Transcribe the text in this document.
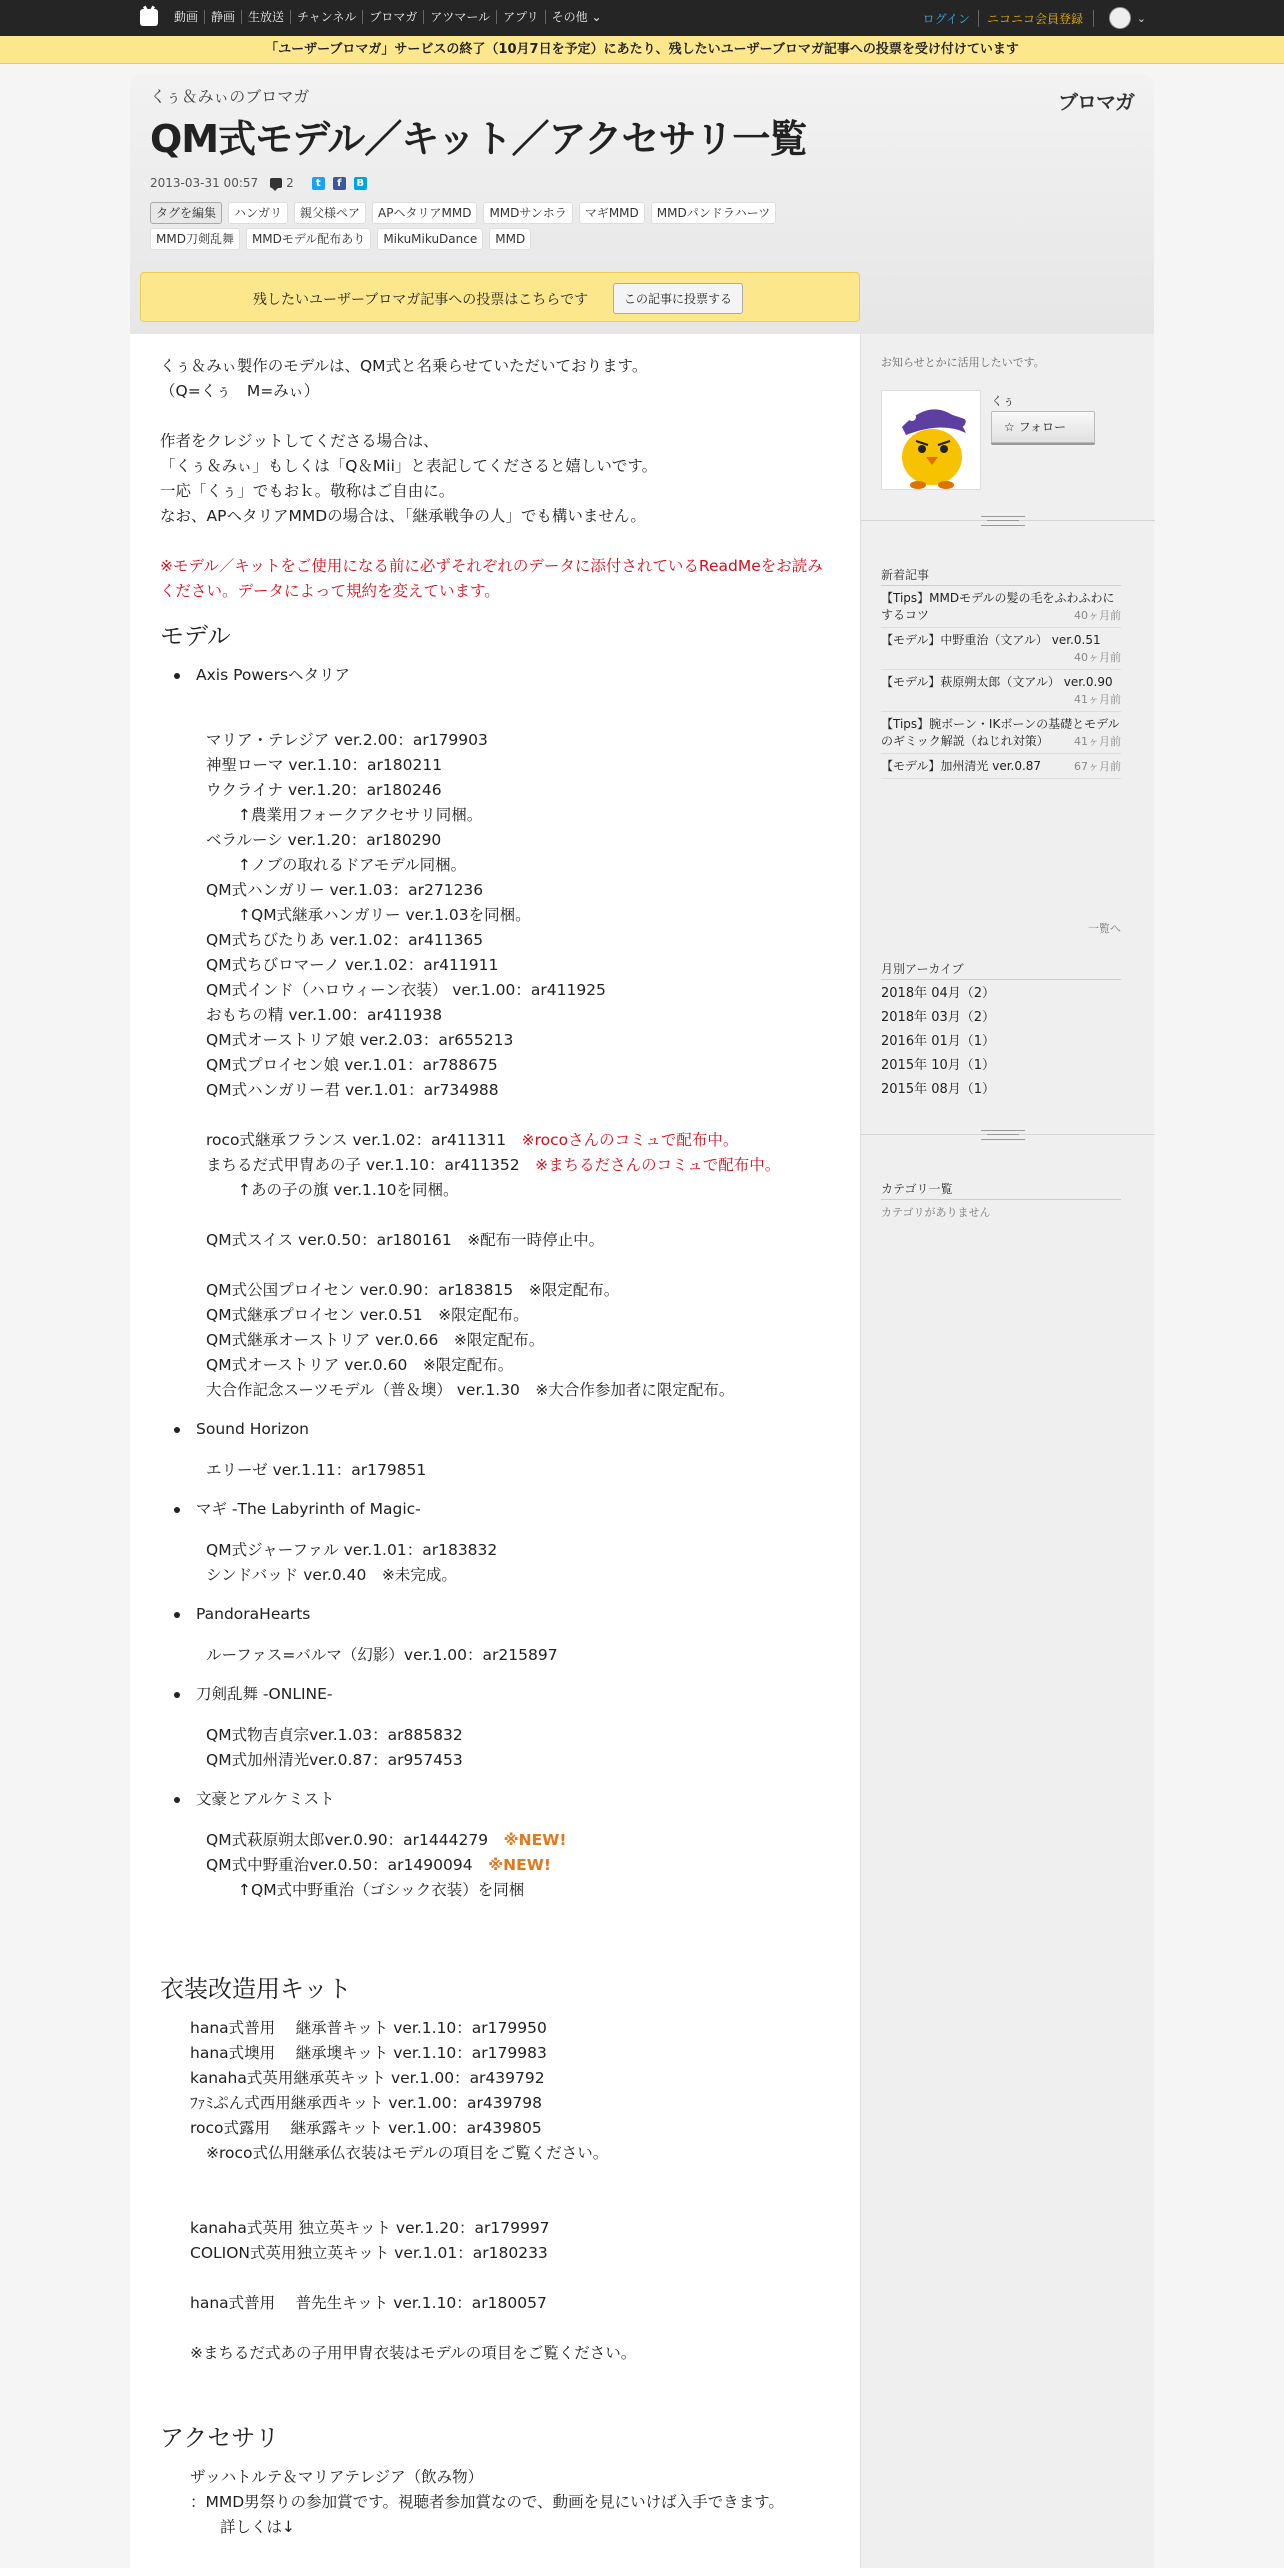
動画	静画	生放送	チャンネル	ブロマガ	アツマール	アプリ	その他 ⌄	ログイン	ニコニコ会員登録	⌄
「ユーザーブロマガ」サービスの終了（10月7日を予定）にあたり、残したいユーザーブロマガ記事への投票を受け付けています
くぅ＆みぃのブロマガ	ブロマガ
QM式モデル／キット／アクセサリ一覧
2013-03-31 00:57 2	t	f	B
タグを編集	ハンガリ	親父様ペア	APヘタリアMMD	MMDサンホラ	マギMMD	MMDパンドラハーツ
MMD刀剣乱舞	MMDモデル配布あり	MikuMikuDance	MMD
残したいユーザーブロマガ記事への投票はこちらです	この記事に投票する
くぅ＆みぃ製作のモデルは、QM式と名乗らせていただいております。
（Q=くぅ　M=みぃ）
作者をクレジットしてくださる場合は、
「くぅ＆みぃ」もしくは「Q＆Mii」と表記してくださると嬉しいです。
一応「くぅ」でもおｋ。敬称はご自由に。
なお、APヘタリアMMDの場合は、「継承戦争の人」でも構いません。
※モデル／キットをご使用になる前に必ずそれぞれのデータに添付されているReadMeをお読みください。データによって規約を変えています。
モデル
Axis Powersヘタリア
マリア・テレジア ver.2.00：ar179903
神聖ローマ ver.1.10：ar180211
ウクライナ ver.1.20：ar180246
↑農業用フォークアクセサリ同梱。
ベラルーシ ver.1.20：ar180290
↑ノブの取れるドアモデル同梱。
QM式ハンガリー ver.1.03：ar271236
↑QM式継承ハンガリー ver.1.03を同梱。
QM式ちびたりあ ver.1.02：ar411365
QM式ちびロマーノ ver.1.02：ar411911
QM式インド（ハロウィーン衣装） ver.1.00：ar411925
おもちの精 ver.1.00：ar411938
QM式オーストリア娘 ver.2.03：ar655213
QM式プロイセン娘 ver.1.01：ar788675
QM式ハンガリー君 ver.1.01：ar734988
roco式継承フランス ver.1.02：ar411311　 ※rocoさんのコミュで配布中。
まちるだ式甲冑あの子 ver.1.10：ar411352　 ※まちるださんのコミュで配布中。
↑あの子の旗 ver.1.10を同梱。
QM式スイス ver.0.50：ar180161　※配布一時停止中。
QM式公国プロイセン ver.0.90：ar183815　※限定配布。
QM式継承プロイセン ver.0.51　※限定配布。
QM式継承オーストリア ver.0.66　※限定配布。
QM式オーストリア ver.0.60　※限定配布。
大合作記念スーツモデル（普＆墺） ver.1.30　※大合作参加者に限定配布。
Sound Horizon
エリーゼ ver.1.11：ar179851
マギ -The Labyrinth of Magic-
QM式ジャーファル ver.1.01：ar183832
シンドバッド ver.0.40　※未完成。
PandoraHearts
ルーファス=バルマ（幻影）ver.1.00：ar215897
刀剣乱舞 -ONLINE-
QM式物吉貞宗ver.1.03：ar885832
QM式加州清光ver.0.87：ar957453
文豪とアルケミスト
QM式萩原朔太郎ver.0.90：ar1444279　 ※NEW!
QM式中野重治ver.0.50：ar1490094　 ※NEW!
↑QM式中野重治（ゴシック衣装）を同梱
衣装改造用キット
hana式普用　 継承普キット ver.1.10：ar179950
hana式墺用　 継承墺キット ver.1.10：ar179983
kanaha式英用継承英キット ver.1.00：ar439792
ﾌｧﾐぷん式西用継承西キット ver.1.00：ar439798
roco式露用　 継承露キット ver.1.00：ar439805
※roco式仏用継承仏衣装はモデルの項目をご覧ください。
kanaha式英用 独立英キット ver.1.20：ar179997
COLION式英用独立英キット ver.1.01：ar180233
hana式普用　 普先生キット ver.1.10：ar180057
※まちるだ式あの子用甲冑衣装はモデルの項目をご覧ください。
アクセサリ
ザッハトルテ＆マリアテレジア（飲み物）
：MMD男祭りの参加賞です。視聴者参加賞なので、動画を見にいけば入手できます。
詳しくは↓
お知らせとかに活用したいです。
くぅ
☆ フォロー
新着記事
【Tips】MMDモデルの髪の毛をふわふわにするコツ	40ヶ月前
【モデル】中野重治（文アル） ver.0.51
40ヶ月前
【モデル】萩原朔太郎（文アル） ver.0.90
41ヶ月前
【Tips】腕ボーン・IKボーンの基礎とモデルのギミック解説（ねじれ対策）	41ヶ月前
【モデル】加州清光 ver.0.87	67ヶ月前
一覧へ
月別アーカイブ
2018年 04月（2）
2018年 03月（2）
2016年 01月（1）
2015年 10月（1）
2015年 08月（1）
カテゴリ一覧
カテゴリがありません
